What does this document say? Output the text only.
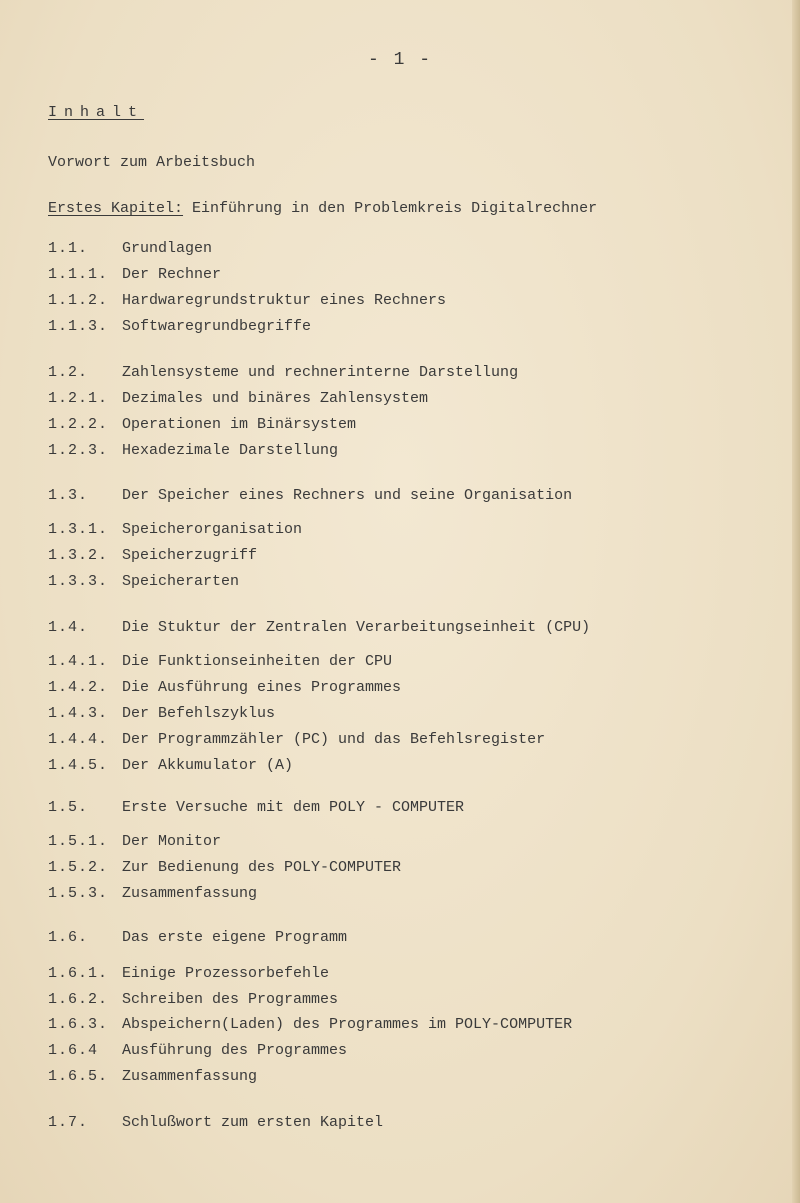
- 1 -
Inhalt
Vorwort zum Arbeitsbuch
Erstes Kapitel: Einführung in den Problemkreis Digitalrechner
1.1. Grundlagen
1.1.1. Der Rechner
1.1.2. Hardwaregrundstruktur eines Rechners
1.1.3. Softwaregrundbegriffe
1.2. Zahlensysteme und rechnerinterne Darstellung
1.2.1. Dezimales und binäres Zahlensystem
1.2.2. Operationen im Binärsystem
1.2.3. Hexadezimale Darstellung
1.3. Der Speicher eines Rechners und seine Organisation
1.3.1. Speicherorganisation
1.3.2. Speicherzugriff
1.3.3. Speicherarten
1.4. Die Stuktur der Zentralen Verarbeitungseinheit (CPU)
1.4.1. Die Funktionseinheiten der CPU
1.4.2. Die Ausführung eines Programmes
1.4.3. Der Befehlszyklus
1.4.4. Der Programmzähler (PC) und das Befehlsregister
1.4.5. Der Akkumulator (A)
1.5. Erste Versuche mit dem POLY - COMPUTER
1.5.1. Der Monitor
1.5.2. Zur Bedienung des POLY-COMPUTER
1.5.3. Zusammenfassung
1.6. Das erste eigene Programm
1.6.1. Einige Prozessorbefehle
1.6.2. Schreiben des Programmes
1.6.3. Abspeichern(Laden) des Programmes im POLY-COMPUTER
1.6.4 Ausführung des Programmes
1.6.5. Zusammenfassung
1.7. Schlußwort zum ersten Kapitel
